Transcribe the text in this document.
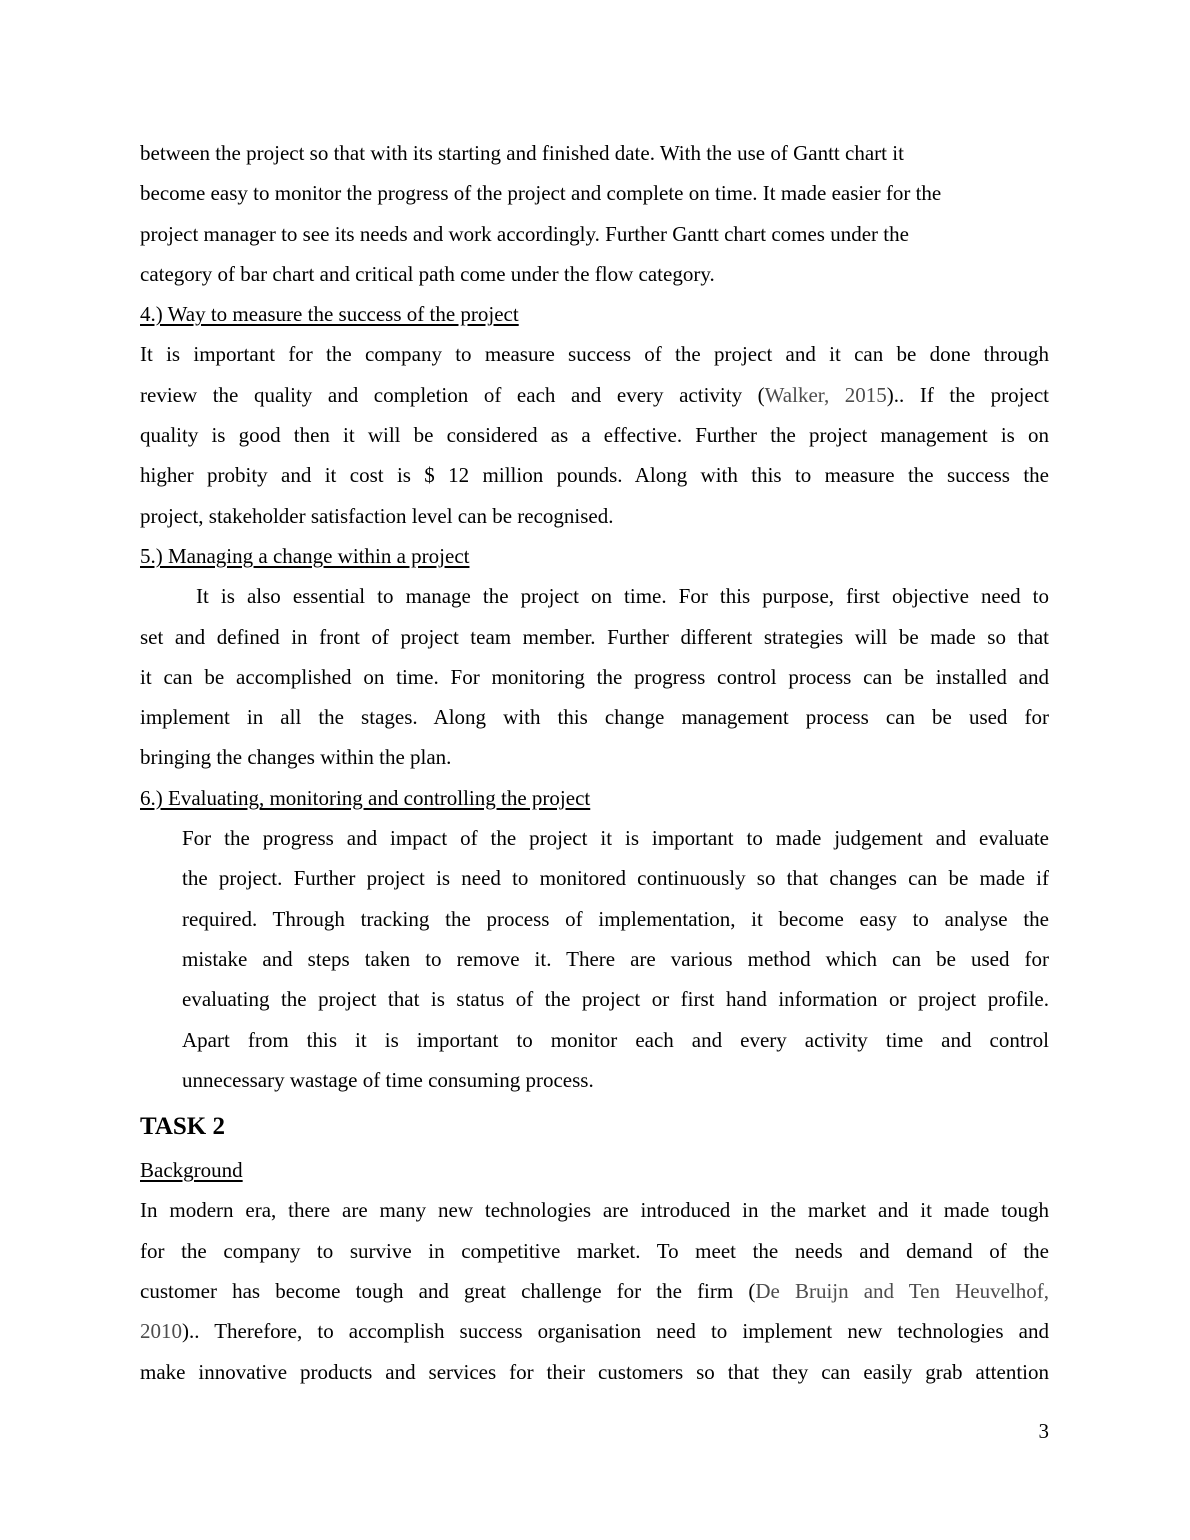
between the project so that with its starting and finished date. With the use of Gantt chart it

become easy to monitor the progress of the project and complete on time. It made easier for the

project manager to see its needs and work accordingly. Further Gantt chart comes under the

category of bar chart and critical path come under the flow category.

4.) Way to measure the success of the project

It is important for the company to measure success of the project and it can be done through

review the quality and completion of each and every activity (Walker, 2015).. If the project

quality is good then it will be considered as a effective. Further the project management is on

higher probity and it cost is $ 12 million pounds. Along with this to measure the success the

project, stakeholder satisfaction level can be recognised.

5.) Managing a change within a project

It is also essential to manage the project on time. For this purpose, first objective need to

set and defined in front of project team member. Further different strategies will be made so that

it can be accomplished on time. For monitoring the progress control process can be installed and

implement in all the stages. Along with this change management process can be used for

bringing the changes within the plan.

6.) Evaluating, monitoring and controlling the project

For the progress and impact of the project it is important to made judgement and evaluate

the project. Further project is need to monitored continuously so that changes can be made if

required. Through tracking the process of implementation, it become easy to analyse the

mistake and steps taken to remove it. There are various method which can be used for

evaluating the project that is status of the project or first hand information or project profile.

Apart from this it is important to monitor each and every activity time and control

unnecessary wastage of time consuming process.

TASK 2

Background

In modern era, there are many new technologies are introduced in the market and it made tough

for the company to survive in competitive market. To meet the needs and demand of the

customer has become tough and great challenge for the firm (De Bruijn and Ten Heuvelhof,

2010).. Therefore, to accomplish success organisation need to implement new technologies and

make innovative products and services for their customers so that they can easily grab attention

3
